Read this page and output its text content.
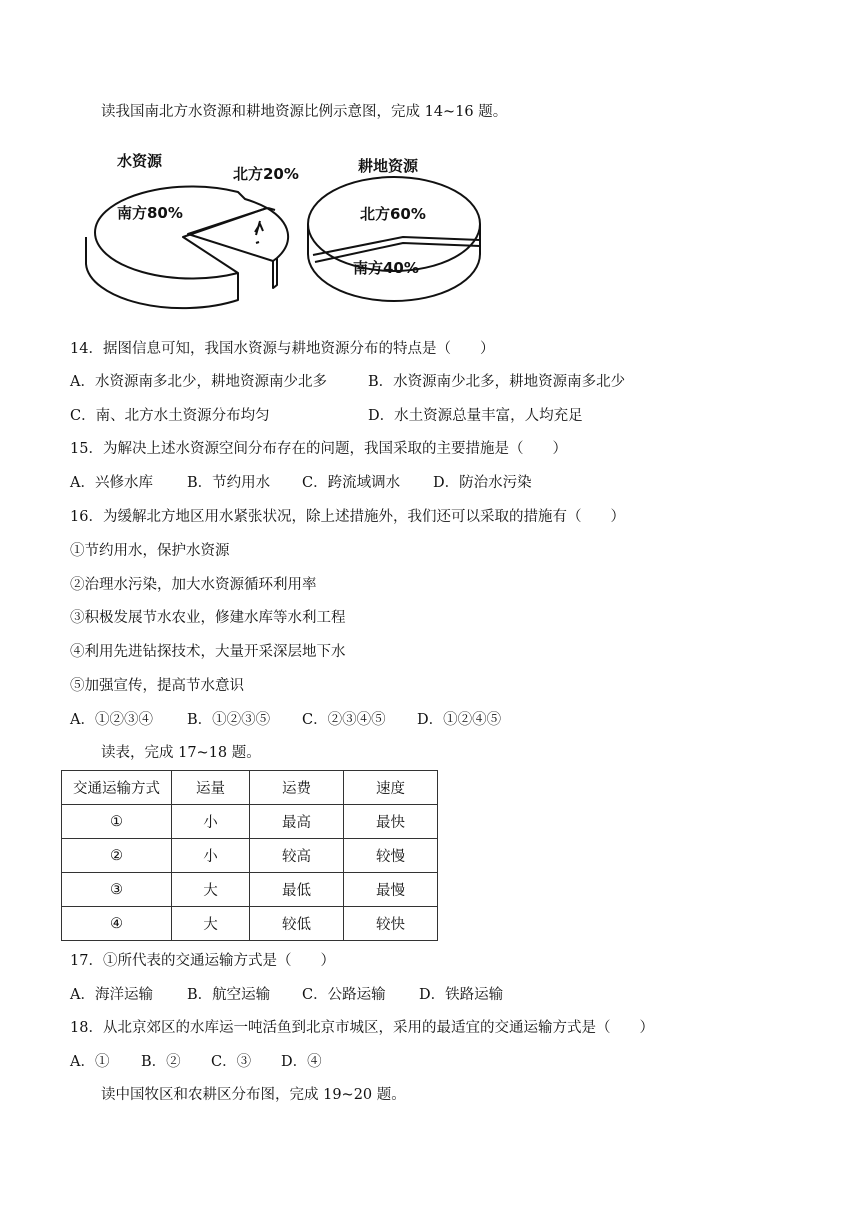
读我国南北方水资源和耕地资源比例示意图，完成 14~16 题。
水资源
北方20%
南方80%
耕地资源
北方60%
南方40%
14．据图信息可知，我国水资源与耕地资源分布的特点是（　　）
A．水资源南多北少，耕地资源南少北多	B．水资源南少北多，耕地资源南多北少
C．南、北方水土资源分布均匀	D．水土资源总量丰富，人均充足
15．为解决上述水资源空间分布存在的问题，我国采取的主要措施是（　　）
A．兴修水库 B．节约用水 C．跨流域调水 D．防治水污染
16．为缓解北方地区用水紧张状况，除上述措施外，我们还可以采取的措施有（　　）
①节约用水，保护水资源
②治理水污染，加大水资源循环利用率
③积极发展节水农业，修建水库等水利工程
④利用先进钻探技术，大量开采深层地下水
⑤加强宣传，提高节水意识
A．①②③④ B．①②③⑤ C．②③④⑤ D．①②④⑤
读表，完成 17~18 题。
交通运输方式	运量	运费	速度
①	小	最高	最快
②	小	较高	较慢
③	大	最低	最慢
④	大	较低	较快
17．①所代表的交通运输方式是（　　）
A．海洋运输 B．航空运输 C．公路运输 D．铁路运输
18．从北京郊区的水库运一吨活鱼到北京市城区，采用的最适宜的交通运输方式是（　　）
A．① B．② C．③ D．④
读中国牧区和农耕区分布图，完成 19~20 题。
